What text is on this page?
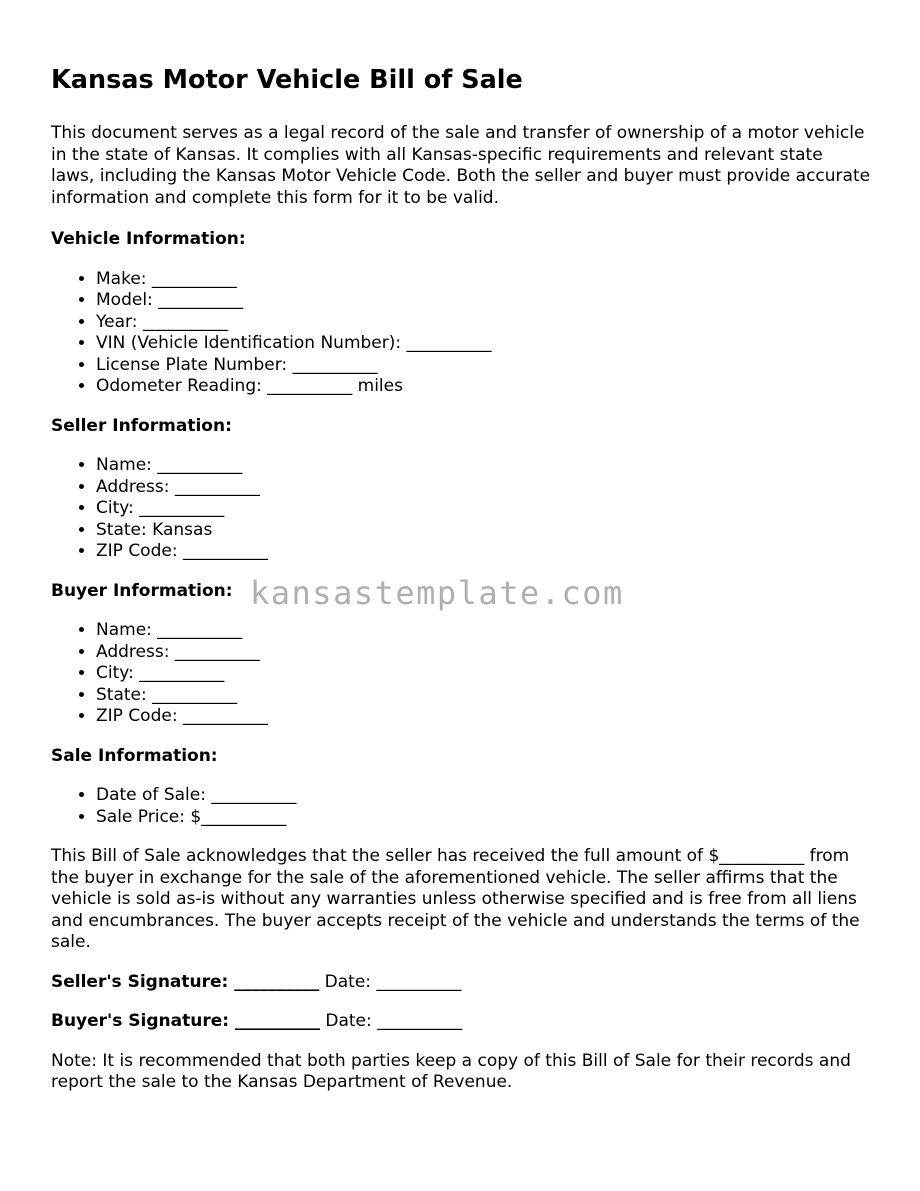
Kansas Motor Vehicle Bill of Sale

This document serves as a legal record of the sale and transfer of ownership of a motor vehicle in the state of Kansas. It complies with all Kansas-specific requirements and relevant state laws, including the Kansas Motor Vehicle Code. Both the seller and buyer must provide accurate information and complete this form for it to be valid.

Vehicle Information:
• Make: __________
• Model: __________
• Year: __________
• VIN (Vehicle Identification Number): __________
• License Plate Number: __________
• Odometer Reading: __________ miles
Seller Information:
• Name: __________
• Address: __________
• City: __________
• State: Kansas
• ZIP Code: __________
Buyer Information:
• Name: __________
• Address: __________
• City: __________
• State: __________
• ZIP Code: __________
Sale Information:
• Date of Sale: __________
• Sale Price: $__________

This Bill of Sale acknowledges that the seller has received the full amount of $__________ from the buyer in exchange for the sale of the aforementioned vehicle. The seller affirms that the vehicle is sold as-is without any warranties unless otherwise specified and is free from all liens and encumbrances. The buyer accepts receipt of the vehicle and understands the terms of the sale.

Seller's Signature: __________ Date: __________

Buyer's Signature: __________ Date: __________

Note: It is recommended that both parties keep a copy of this Bill of Sale for their records and report the sale to the Kansas Department of Revenue.

kansastemplate.com
